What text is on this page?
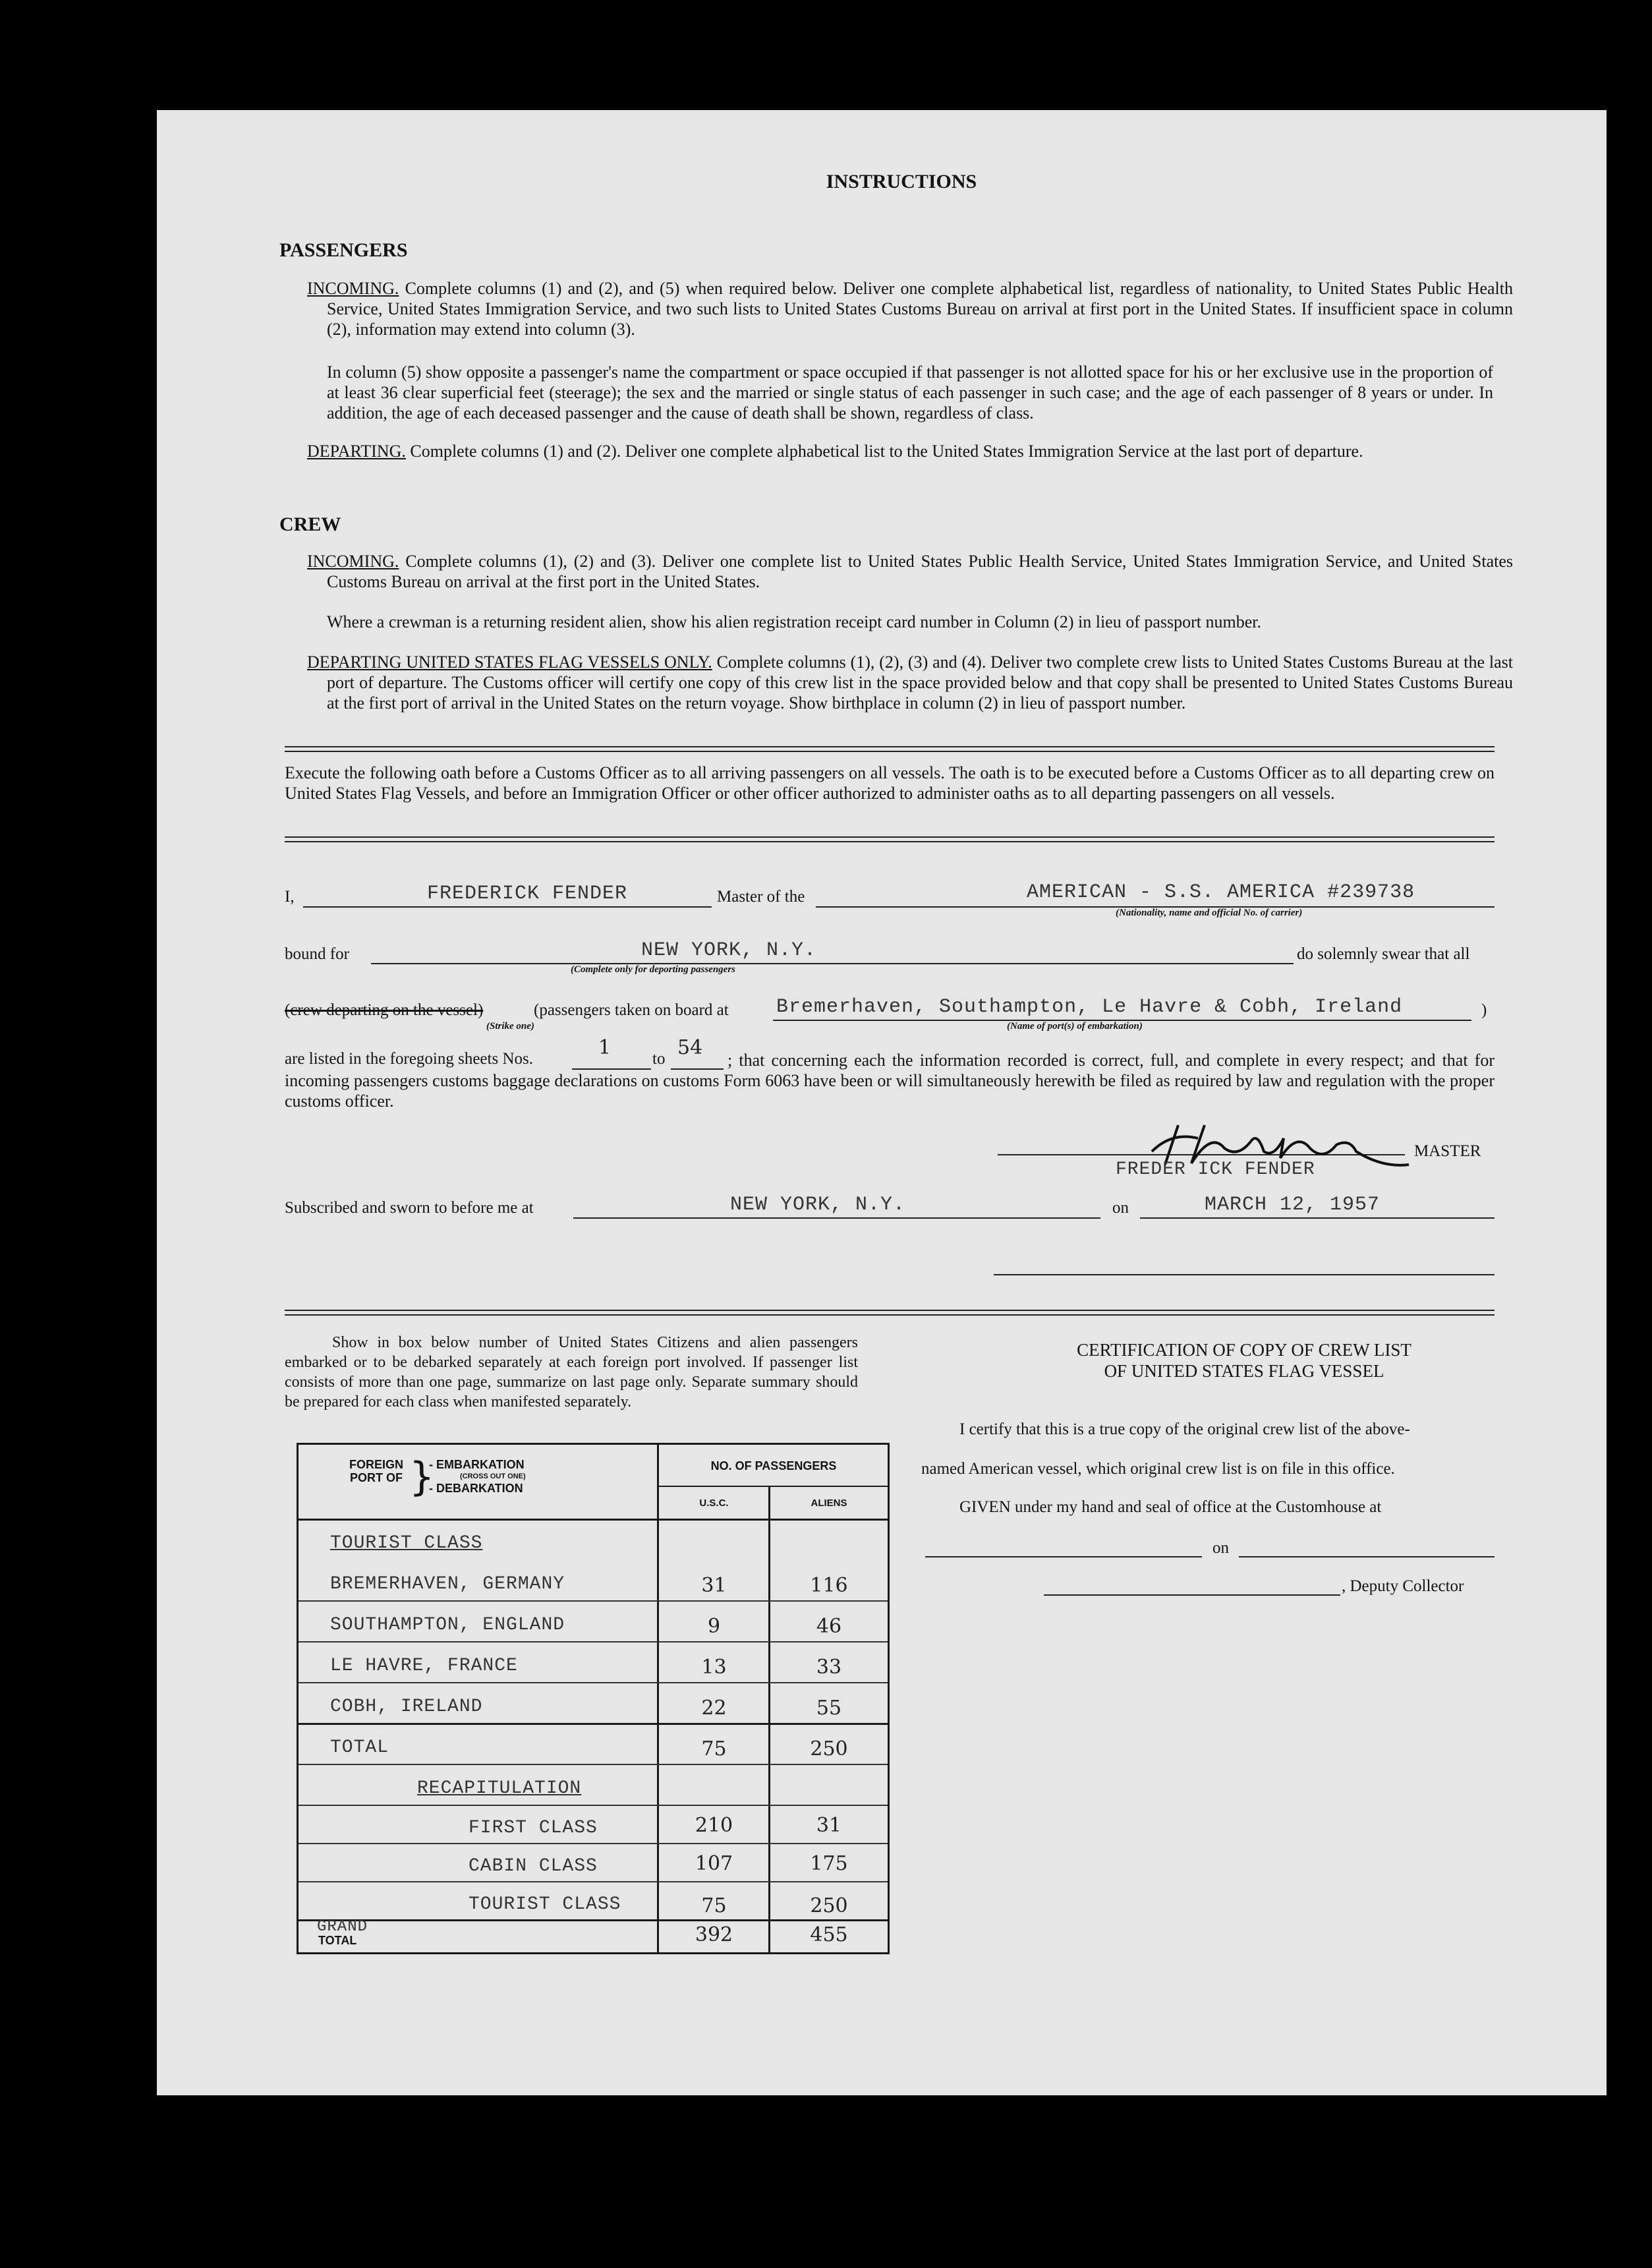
INSTRUCTIONS
PASSENGERS
INCOMING. Complete columns (1) and (2), and (5) when required below. Deliver one complete alphabetical list, regardless of nationality, to United States Public Health Service, United States Immigration Service, and two such lists to United States Customs Bureau on arrival at first port in the United States. If insufficient space in column (2), information may extend into column (3).
In column (5) show opposite a passenger's name the compartment or space occupied if that passenger is not allotted space for his or her exclusive use in the proportion of at least 36 clear superficial feet (steerage); the sex and the married or single status of each passenger in such case; and the age of each passenger of 8 years or under. In addition, the age of each deceased passenger and the cause of death shall be shown, regardless of class.
DEPARTING. Complete columns (1) and (2). Deliver one complete alphabetical list to the United States Immigration Service at the last port of departure.
CREW
INCOMING. Complete columns (1), (2) and (3). Deliver one complete list to United States Public Health Service, United States Immigration Service, and United States Customs Bureau on arrival at the first port in the United States.
Where a crewman is a returning resident alien, show his alien registration receipt card number in Column (2) in lieu of passport number.
DEPARTING UNITED STATES FLAG VESSELS ONLY. Complete columns (1), (2), (3) and (4). Deliver two complete crew lists to United States Customs Bureau at the last port of departure. The Customs officer will certify one copy of this crew list in the space provided below and that copy shall be presented to United States Customs Bureau at the first port of arrival in the United States on the return voyage. Show birthplace in column (2) in lieu of passport number.
Execute the following oath before a Customs Officer as to all arriving passengers on all vessels. The oath is to be executed before a Customs Officer as to all departing crew on United States Flag Vessels, and before an Immigration Officer or other officer authorized to administer oaths as to all departing passengers on all vessels.
I,	FREDERICK FENDER	Master of the	AMERICAN - S.S. AMERICA #239738
(Nationality, name and official No. of carrier)
bound for	NEW YORK, N.Y.
(Complete only for deporting passengers
do solemnly swear that all
(crew departing on the vessel)	(passengers taken on board at
(Strike one)
Bremerhaven, Southampton, Le Havre & Cobh, Ireland
(Name of port(s) of embarkation)
)
are listed in the foregoing sheets Nos.	1	to 54
; that concerning each the information recorded is correct, full, and complete in every respect; and that for incoming passengers customs baggage declarations on customs Form 6063 have been or will simultaneously herewith be filed as required by law and regulation with the proper customs officer.
MASTER
FREDER ICK FENDER
Subscribed and sworn to before me at	NEW YORK, N.Y.	on	MARCH 12, 1957
Show in box below number of United States Citizens and alien passengers embarked or to be debarked separately at each foreign port involved. If passenger list consists of more than one page, summarize on last page only. Separate summary should be prepared for each class when manifested separately.
FOREIGN PORT OF }
- EMBARKATION
(CROSS OUT ONE)
- DEBARKATION
NO. OF PASSENGERS
U.S.C.	ALIENS
TOURIST CLASS
BREMERHAVEN, GERMANY	31	116
SOUTHAMPTON, ENGLAND	9	46
LE HAVRE, FRANCE	13	33
COBH, IRELAND	22	55
TOTAL	75	250
RECAPITULATION
FIRST CLASS	210	31
CABIN CLASS	107	175
TOURIST CLASS	75	250
GRAND
TOTAL	392	455
CERTIFICATION OF COPY OF CREW LIST
OF UNITED STATES FLAG VESSEL
I certify that this is a true copy of the original crew list of the above-
named American vessel, which original crew list is on file in this office.
GIVEN under my hand and seal of office at the Customhouse at
on
, Deputy Collector
